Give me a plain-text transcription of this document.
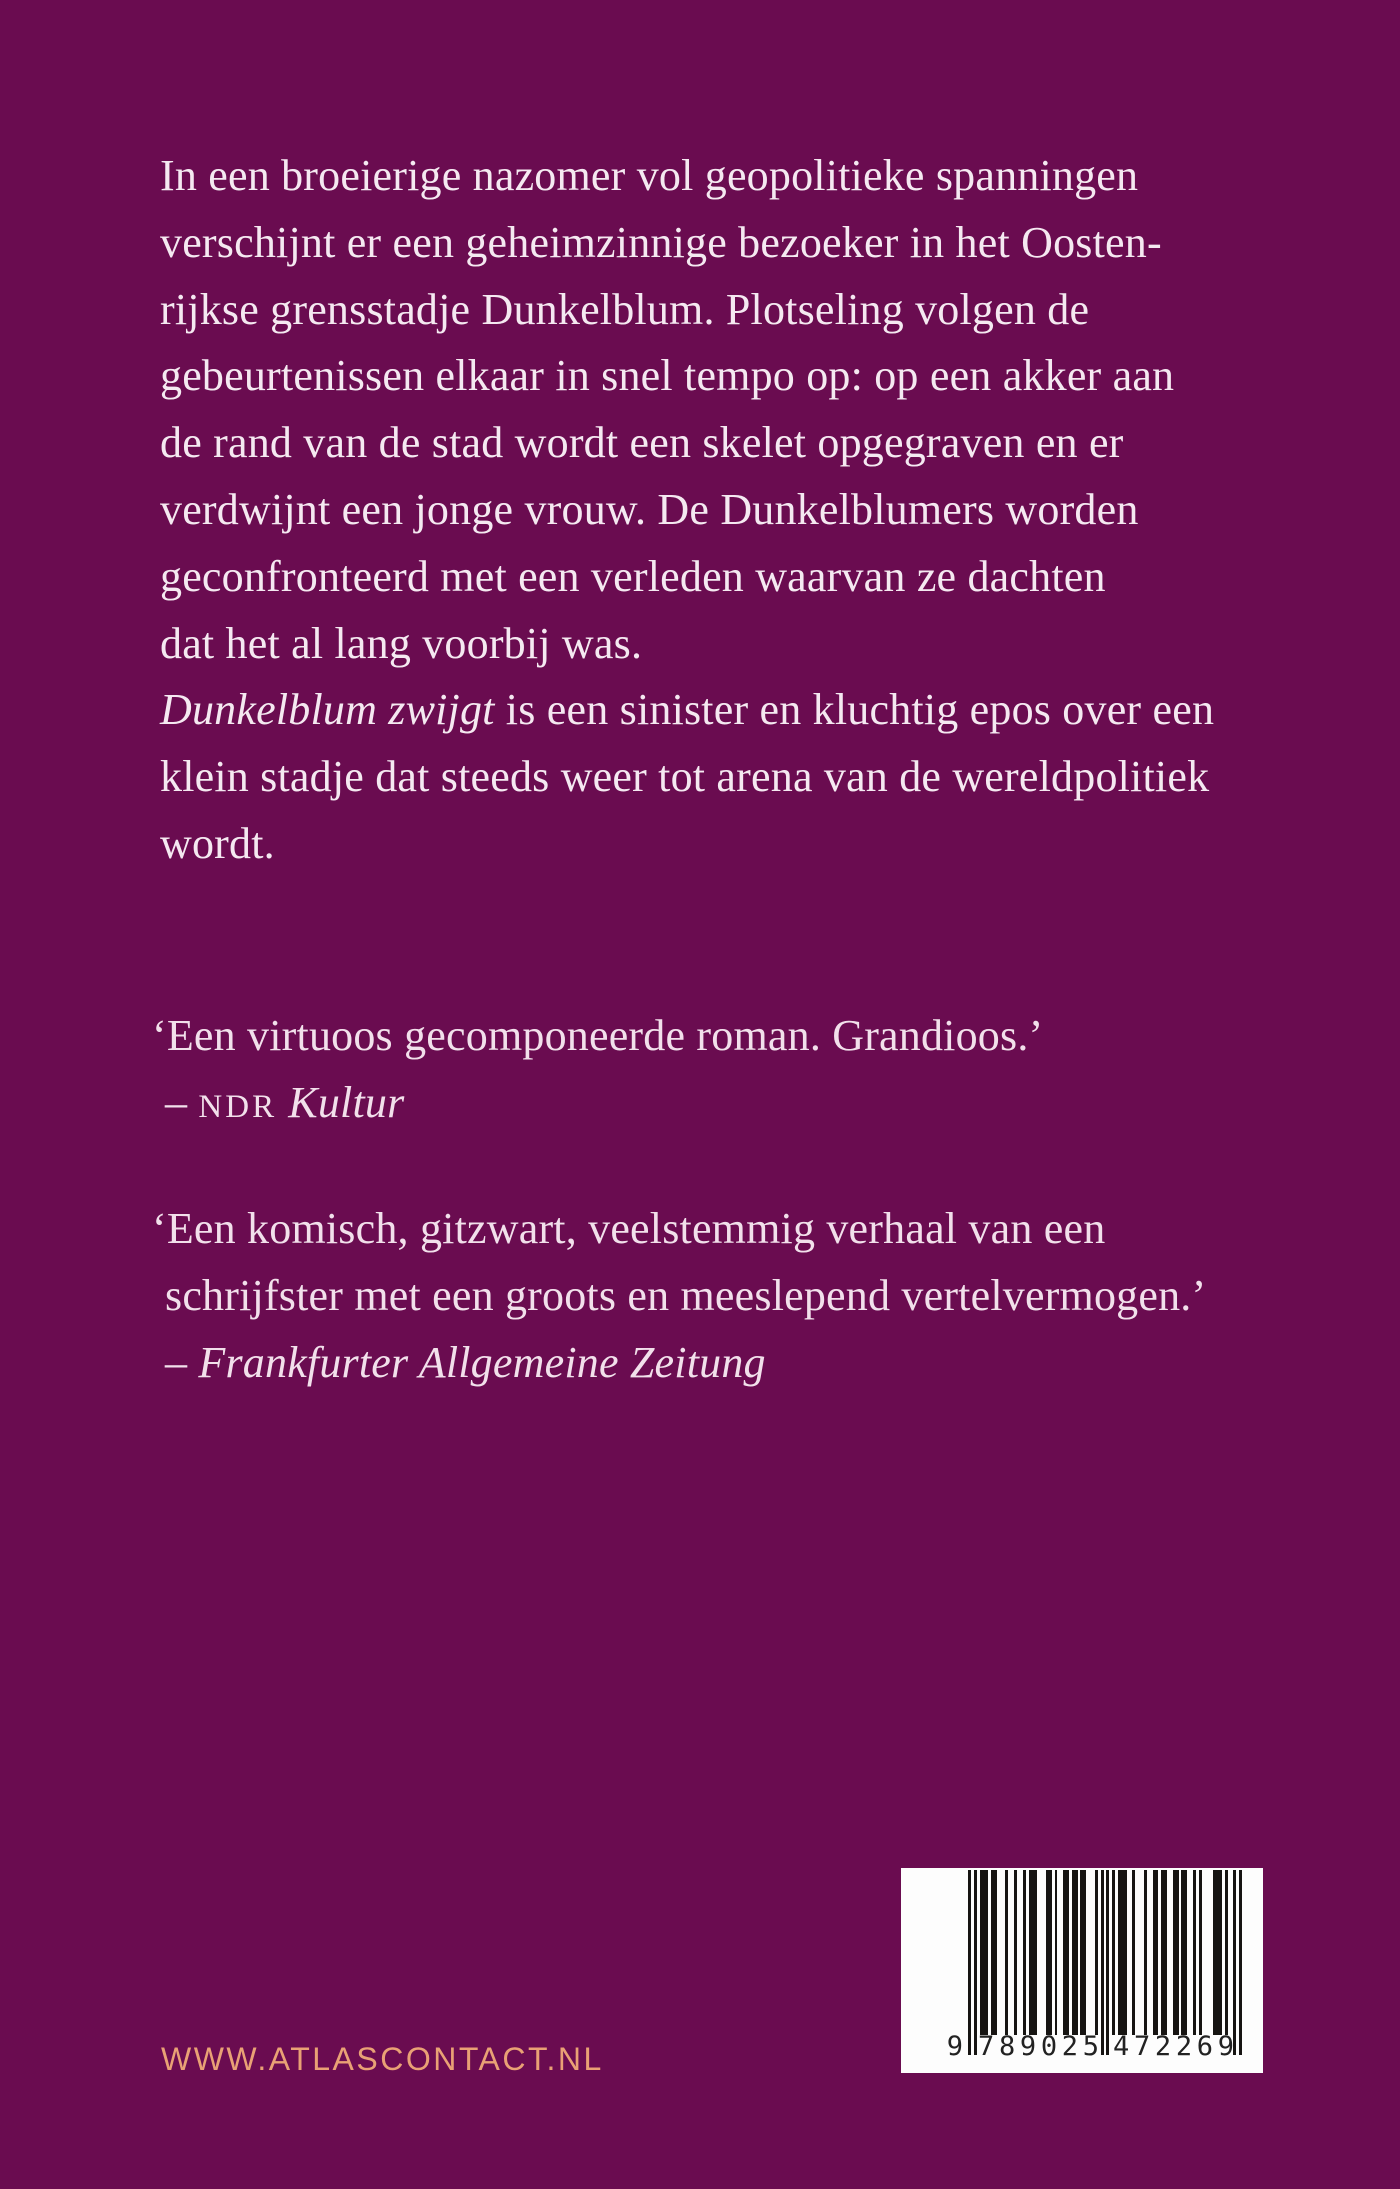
In een broeierige nazomer vol geopolitieke spanningen
verschijnt er een geheimzinnige bezoeker in het Oosten-
rijkse grensstadje Dunkelblum. Plotseling volgen de
gebeurtenissen elkaar in snel tempo op: op een akker aan
de rand van de stad wordt een skelet opgegraven en er
verdwijnt een jonge vrouw. De Dunkelblumers worden
geconfronteerd met een verleden waarvan ze dachten
dat het al lang voorbij was.
Dunkelblum zwijgt is een sinister en kluchtig epos over een
klein stadje dat steeds weer tot arena van de wereldpolitiek
wordt.
‘Een virtuoos gecomponeerde roman. Grandioos.’
– NDR Kultur
‘Een komisch, gitzwart, veelstemmig verhaal van een
schrijfster met een groots en meeslepend vertelvermogen.’
– Frankfurter Allgemeine Zeitung
WWW.ATLASCONTACT.NL	9 7 8 9 0 2 5 4 7 2 2 6 9
